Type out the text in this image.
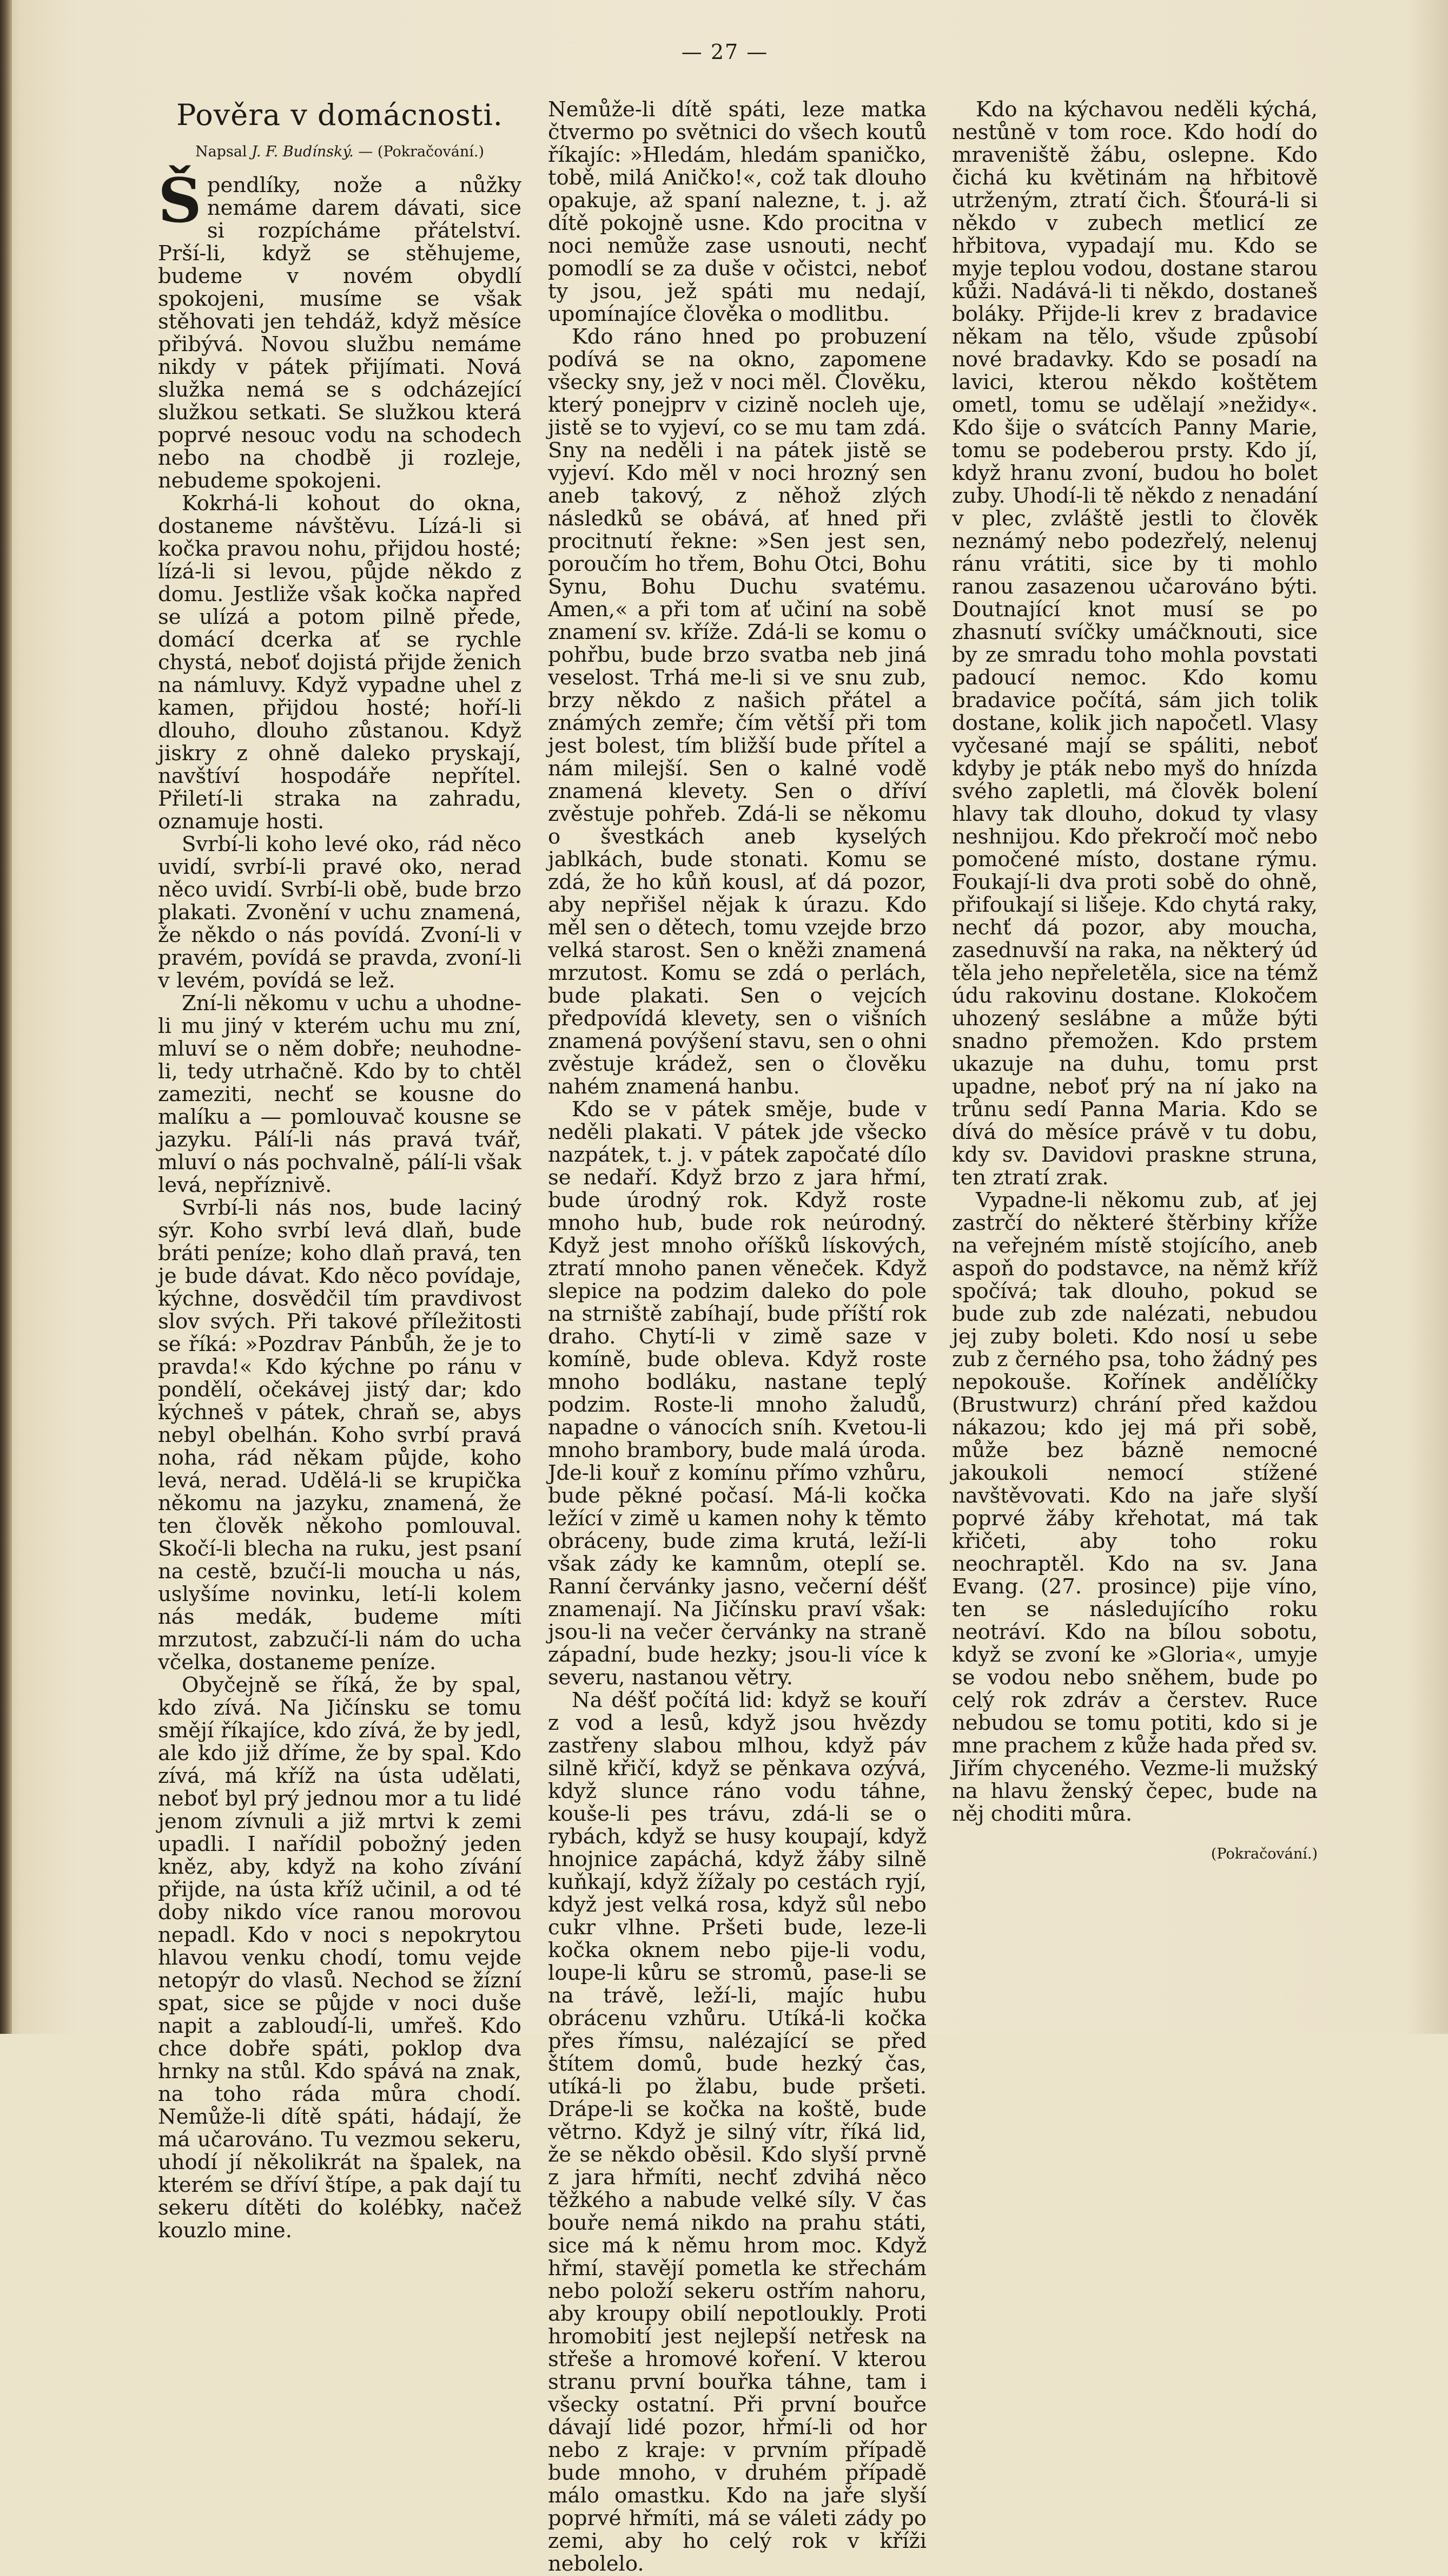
— 27 —
Pověra v domácnosti.
Napsal J. F. Budínský. — (Pokračování.)

Špendlíky, nože a nůžky nemáme darem dávati, sice si rozpícháme přátelství. Prší-li, když se stěhujeme, budeme v novém obydlí spokojeni, musíme se však stěhovati jen tehdáž, když měsíce přibývá. Novou službu nemáme nikdy v pátek přijímati. Nová služka nemá se s odcházející služkou setkati. Se služkou která poprvé nesouc vodu na schodech nebo na chodbě ji rozleje, nebudeme spokojeni.

Kokrhá-li kohout do okna, dostaneme návštěvu. Lízá-li si kočka pravou nohu, přijdou hosté; lízá-li si levou, půjde někdo z domu. Jestliže však kočka napřed se ulízá a potom pilně přede, domácí dcerka ať se rychle chystá, neboť dojistá přijde ženich na námluvy. Když vypadne uhel z kamen, přijdou hosté; hoří-li dlouho, dlouho zůstanou. Když jiskry z ohně daleko pryskají, navštíví hospodáře nepřítel. Přiletí-li straka na zahradu, oznamuje hosti.

Svrbí-li koho levé oko, rád něco uvidí, svrbí-li pravé oko, nerad něco uvidí. Svrbí-li obě, bude brzo plakati. Zvonění v uchu znamená, že někdo o nás povídá. Zvoní-li v pravém, povídá se pravda, zvoní-li v levém, povídá se lež.

Zní-li někomu v uchu a uhodne-li mu jiný v kterém uchu mu zní, mluví se o něm dobře; neuhodne-li, tedy utrhačně. Kdo by to chtěl zameziti, nechť se kousne do malíku a — pomlouvač kousne se jazyku. Pálí-li nás pravá tvář, mluví o nás pochvalně, pálí-li však levá, nepříznivě.

Svrbí-li nás nos, bude laciný sýr. Koho svrbí levá dlaň, bude bráti peníze; koho dlaň pravá, ten je bude dávat. Kdo něco povídaje, kýchne, dosvědčil tím pravdivost slov svých. Při takové příležitosti se říká: »Pozdrav Pánbůh, že je to pravda!« Kdo kýchne po ránu v pondělí, očekávej jistý dar; kdo kýchneš v pátek, chraň se, abys nebyl obelhán. Koho svrbí pravá noha, rád někam půjde, koho levá, nerad. Udělá-li se krupička někomu na jazyku, znamená, že ten člověk někoho pomlouval. Skočí-li blecha na ruku, jest psaní na cestě, bzučí-li moucha u nás, uslyšíme novinku, letí-li kolem nás medák, budeme míti mrzutost, zabzučí-li nám do ucha včelka, dostaneme peníze.

Obyčejně se říká, že by spal, kdo zívá. Na Jičínsku se tomu smějí říkajíce, kdo zívá, že by jedl, ale kdo již dříme, že by spal. Kdo zívá, má kříž na ústa udělati, neboť byl prý jednou mor a tu lidé jenom zívnuli a již mrtvi k zemi upadli. I nařídil pobožný jeden kněz, aby, když na koho zívání přijde, na ústa kříž učinil, a od té doby nikdo více ranou morovou nepadl. Kdo v noci s nepokrytou hlavou venku chodí, tomu vejde netopýr do vlasů. Nechod se žízní spat, sice se půjde v noci duše napit a zabloudí-li, umřeš. Kdo chce dobře spáti, poklop dva hrnky na stůl. Kdo spává na znak, na toho ráda můra chodí. Nemůže-li dítě spáti, hádají, že má učarováno. Tu vezmou sekeru, uhodí jí několikrát na špalek, na kterém se dříví štípe, a pak dají tu sekeru dítěti do kolébky, načež kouzlo mine.

Nemůže-li dítě spáti, leze matka čtvermo po světnici do všech koutů říkajíc: »Hledám, hledám spaničko, tobě, milá Aničko!«, což tak dlouho opakuje, až spaní nalezne, t. j. až dítě pokojně usne. Kdo procitna v noci nemůže zase usnouti, nechť pomodlí se za duše v očistci, neboť ty jsou, jež spáti mu nedají, upomínajíce člověka o modlitbu.

Kdo ráno hned po probuzení podívá se na okno, zapomene všecky sny, jež v noci měl. Člověku, který ponejprv v cizině nocleh uje, jistě se to vyjeví, co se mu tam zdá. Sny na neděli i na pátek jistě se vyjeví. Kdo měl v noci hrozný sen aneb takový, z něhož zlých následků se obává, ať hned při procitnutí řekne: »Sen jest sen, poroučím ho třem, Bohu Otci, Bohu Synu, Bohu Duchu svatému. Amen,« a při tom ať učiní na sobě znamení sv. kříže. Zdá-li se komu o pohřbu, bude brzo svatba neb jiná veselost. Trhá me-li si ve snu zub, brzy někdo z našich přátel a známých zemře; čím větší při tom jest bolest, tím bližší bude přítel a nám milejší. Sen o kalné vodě znamená klevety. Sen o dříví zvěstuje pohřeb. Zdá-li se někomu o švestkách aneb kyselých jablkách, bude stonati. Komu se zdá, že ho kůň kousl, ať dá pozor, aby nepřišel nějak k úrazu. Kdo měl sen o dětech, tomu vzejde brzo velká starost. Sen o kněži znamená mrzutost. Komu se zdá o perlách, bude plakati. Sen o vejcích předpovídá klevety, sen o višních znamená povýšení stavu, sen o ohni zvěstuje krádež, sen o člověku nahém znamená hanbu.

Kdo se v pátek směje, bude v neděli plakati. V pátek jde všecko nazpátek, t. j. v pátek započaté dílo se nedaří. Když brzo z jara hřmí, bude úrodný rok. Když roste mnoho hub, bude rok neúrodný. Když jest mnoho oříšků lískových, ztratí mnoho panen věneček. Když slepice na podzim daleko do pole na strniště zabíhají, bude příští rok draho. Chytí-li v zimě saze v komíně, bude obleva. Když roste mnoho bodláku, nastane teplý podzim. Roste-li mnoho žaludů, napadne o vánocích sníh. Kvetou-li mnoho brambory, bude malá úroda. Jde-li kouř z komínu přímo vzhůru, bude pěkné počasí. Má-li kočka ležící v zimě u kamen nohy k těmto obráceny, bude zima krutá, leží-li však zády ke kamnům, oteplí se. Ranní červánky jasno, večerní déšť znamenají. Na Jičínsku praví však: jsou-li na večer červánky na straně západní, bude hezky; jsou-li více k severu, nastanou větry.

Na déšť počítá lid: když se kouří z vod a lesů, když jsou hvězdy zastřeny slabou mlhou, když páv silně křičí, když se pěnkava ozývá, když slunce ráno vodu táhne, kouše-li pes trávu, zdá-li se o rybách, když se husy koupají, když hnojnice zapáchá, když žáby silně kuňkají, když žížaly po cestách ryjí, když jest velká rosa, když sůl nebo cukr vlhne. Pršeti bude, leze-li kočka oknem nebo pije-li vodu, loupe-li kůru se stromů, pase-li se na trávě, leží-li, majíc hubu obrácenu vzhůru. Utíká-li kočka přes římsu, nalézající se před štítem domů, bude hezký čas, utíká-li po žlabu, bude pršeti. Drápe-li se kočka na koště, bude větrno. Když je silný vítr, říká lid, že se někdo oběsil. Kdo slyší prvně z jara hřmíti, nechť zdvihá něco těžkého a nabude velké síly. V čas bouře nemá nikdo na prahu státi, sice má k němu hrom moc. Když hřmí, stavějí pometla ke střechám nebo položí sekeru ostřím nahoru, aby kroupy obilí nepotloukly. Proti hromobití jest nejlepší netřesk na střeše a hromové koření. V kterou stranu první bouřka táhne, tam i všecky ostatní. Při první bouřce dávají lidé pozor, hřmí-li od hor nebo z kraje: v prvním případě bude mnoho, v druhém případě málo omastku. Kdo na jaře slyší poprvé hřmíti, má se váleti zády po zemi, aby ho celý rok v kříži nebolelo.

Kdo na kýchavou neděli kýchá, nestůně v tom roce. Kdo hodí do mraveniště žábu, oslepne. Kdo čichá ku květinám na hřbitově utrženým, ztratí čich. Šťourá-li si někdo v zubech metlicí ze hřbitova, vypadají mu. Kdo se myje teplou vodou, dostane starou kůži. Nadává-li ti někdo, dostaneš boláky. Přijde-li krev z bradavice někam na tělo, všude způsobí nové bradavky. Kdo se posadí na lavici, kterou někdo koštětem ometl, tomu se udělají »nežidy«. Kdo šije o svátcích Panny Marie, tomu se podeberou prsty. Kdo jí, když hranu zvoní, budou ho bolet zuby. Uhodí-li tě někdo z nenadání v plec, zvláště jestli to člověk neznámý nebo podezřelý, nelenuj ránu vrátiti, sice by ti mohlo ranou zasazenou učarováno býti. Doutnající knot musí se po zhasnutí svíčky umáčknouti, sice by ze smradu toho mohla povstati padoucí nemoc. Kdo komu bradavice počítá, sám jich tolik dostane, kolik jich napočetl. Vlasy vyčesané mají se spáliti, neboť kdyby je pták nebo myš do hnízda svého zapletli, má člověk bolení hlavy tak dlouho, dokud ty vlasy neshnijou. Kdo překročí moč nebo pomočené místo, dostane rýmu. Foukají-li dva proti sobě do ohně, přifoukají si lišeje. Kdo chytá raky, nechť dá pozor, aby moucha, zasednuvší na raka, na některý úd těla jeho nepřeletěla, sice na témž údu rakovinu dostane. Klokočem uhozený seslábne a může býti snadno přemožen. Kdo prstem ukazuje na duhu, tomu prst upadne, neboť prý na ní jako na trůnu sedí Panna Maria. Kdo se dívá do měsíce právě v tu dobu, kdy sv. Davidovi praskne struna, ten ztratí zrak.

Vypadne-li někomu zub, ať jej zastrčí do některé štěrbiny kříže na veřejném místě stojícího, aneb aspoň do podstavce, na němž kříž spočívá; tak dlouho, pokud se bude zub zde nalézati, nebudou jej zuby boleti. Kdo nosí u sebe zub z černého psa, toho žádný pes nepokouše. Kořínek andělíčky (Brustwurz) chrání před každou nákazou; kdo jej má při sobě, může bez bázně nemocné jakoukoli nemocí stížené navštěvovati. Kdo na jaře slyší poprvé žáby křehotat, má tak křičeti, aby toho roku neochraptěl. Kdo na sv. Jana Evang. (27. prosince) pije víno, ten se následujícího roku neotráví. Kdo na bílou sobotu, když se zvoní ke »Gloria«, umyje se vodou nebo sněhem, bude po celý rok zdráv a čerstev. Ruce nebudou se tomu potiti, kdo si je mne prachem z kůže hada před sv. Jiřím chyceného. Vezme-li mužský na hlavu ženský čepec, bude na něj choditi můra.

(Pokračování.)
